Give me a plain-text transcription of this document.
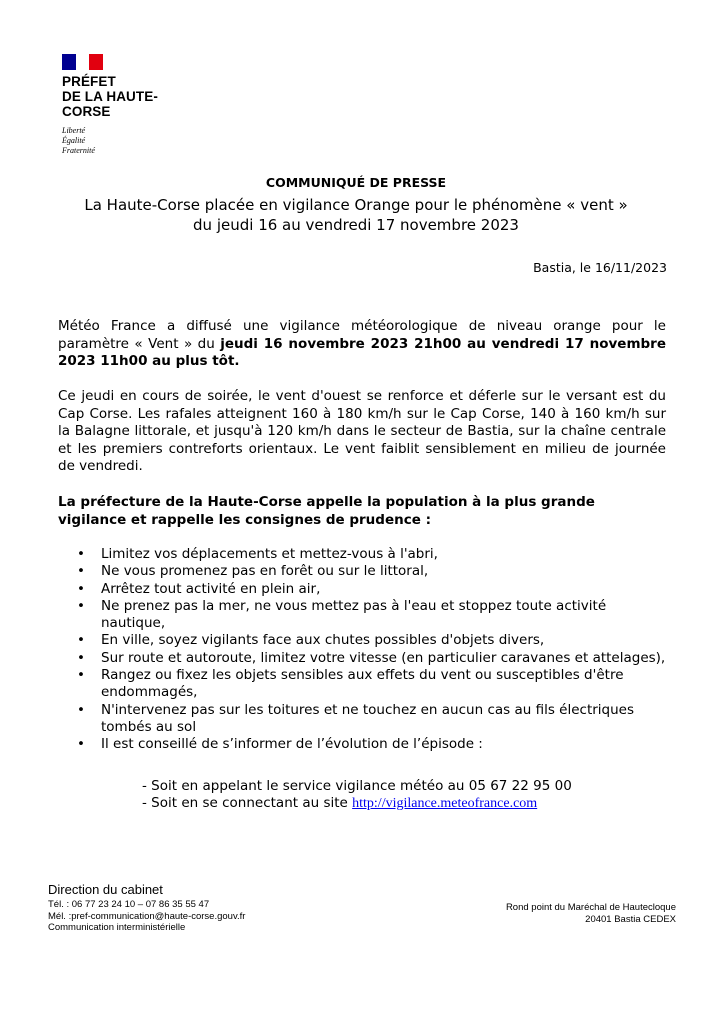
PRÉFET
DE LA HAUTE-
CORSE
Liberté
Égalité
Fraternité
COMMUNIQUÉ DE PRESSE
La Haute-Corse placée en vigilance Orange pour le phénomène « vent »
du jeudi 16 au vendredi 17 novembre 2023
Bastia, le 16/11/2023
Météo France a diffusé une vigilance météorologique de niveau orange pour le paramètre « Vent » du jeudi 16 novembre 2023 21h00 au vendredi 17 novembre 2023 11h00 au plus tôt.
Ce jeudi en cours de soirée, le vent d'ouest se renforce et déferle sur le versant est du Cap Corse. Les rafales atteignent 160 à 180 km/h sur le Cap Corse, 140 à 160 km/h sur la Balagne littorale, et jusqu'à 120 km/h dans le secteur de Bastia, sur la chaîne centrale et les premiers contreforts orientaux. Le vent faiblit sensiblement en milieu de journée de vendredi.
La préfecture de la Haute-Corse appelle la population à la plus grande vigilance et rappelle les consignes de prudence :
• Limitez vos déplacements et mettez-vous à l'abri,
• Ne vous promenez pas en forêt ou sur le littoral,
• Arrêtez tout activité en plein air,
• Ne prenez pas la mer, ne vous mettez pas à l'eau et stoppez toute activité nautique,
• En ville, soyez vigilants face aux chutes possibles d'objets divers,
• Sur route et autoroute, limitez votre vitesse (en particulier caravanes et attelages),
• Rangez ou fixez les objets sensibles aux effets du vent ou susceptibles d'être endommagés,
• N'intervenez pas sur les toitures et ne touchez en aucun cas au fils électriques tombés au sol
• Il est conseillé de s’informer de l’évolution de l’épisode :
- Soit en appelant le service vigilance météo au 05 67 22 95 00
- Soit en se connectant au site http://vigilance.meteofrance.com
Direction du cabinet
Tél. : 06 77 23 24 10 – 07 86 35 55 47
Mél. :pref-communication@haute-corse.gouv.fr
Communication interministérielle
Rond point du Maréchal de Hautecloque
20401 Bastia CEDEX
